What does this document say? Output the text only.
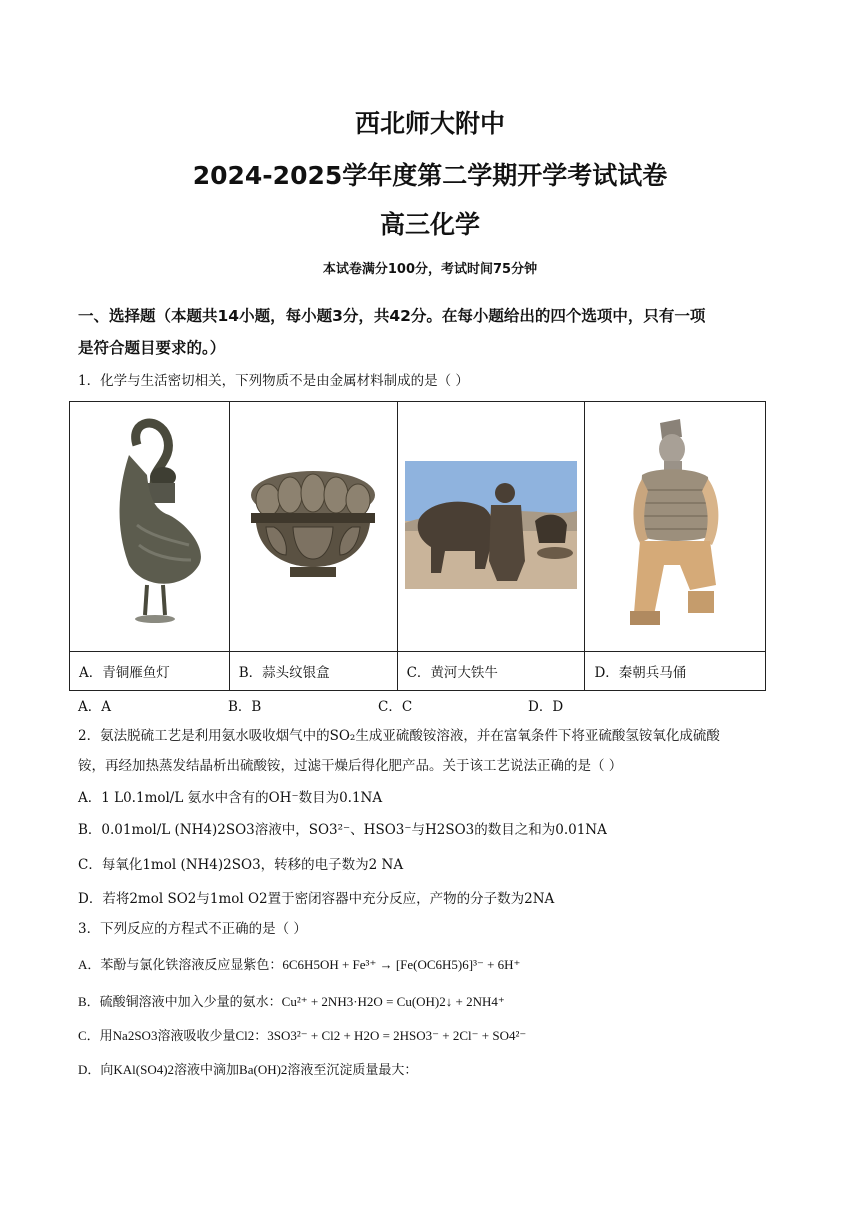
西北师大附中
2024-2025学年度第二学期开学考试试卷
高三化学
本试卷满分100分，考试时间75分钟
一、选择题（本题共14小题，每小题3分，共42分。在每小题给出的四个选项中，只有一项
是符合题目要求的。）
1．化学与生活密切相关，下列物质不是由金属材料制成的是（ ）

A．青铜雁鱼灯	B．蒜头纹银盒	C．黄河大铁牛	D．秦朝兵马俑
A．A	B．B	C．C	D．D
2．氨法脱硫工艺是利用氨水吸收烟气中的SO₂生成亚硫酸铵溶液，并在富氧条件下将亚硫酸氢铵氧化成硫酸
铵，再经加热蒸发结晶析出硫酸铵，过滤干燥后得化肥产品。关于该工艺说法正确的是（ ）
A．1 L0.1mol/L 氨水中含有的OH⁻数目为0.1NA
B．0.01mol/L (NH4)2SO3溶液中，SO3²⁻、HSO3⁻与H2SO3的数目之和为0.01NA
C．每氧化1mol (NH4)2SO3，转移的电子数为2 NA
D．若将2mol SO2与1mol O2置于密闭容器中充分反应，产物的分子数为2NA
3．下列反应的方程式不正确的是（ ）
A．苯酚与氯化铁溶液反应显紫色：6C6H5OH + Fe³⁺ → [Fe(OC6H5)6]³⁻ + 6H⁺
B．硫酸铜溶液中加入少量的氨水：Cu²⁺ + 2NH3·H2O = Cu(OH)2↓ + 2NH4⁺
C．用Na2SO3溶液吸收少量Cl2：3SO3²⁻ + Cl2 + H2O = 2HSO3⁻ + 2Cl⁻ + SO4²⁻
D．向KAl(SO4)2溶液中滴加Ba(OH)2溶液至沉淀质量最大：
